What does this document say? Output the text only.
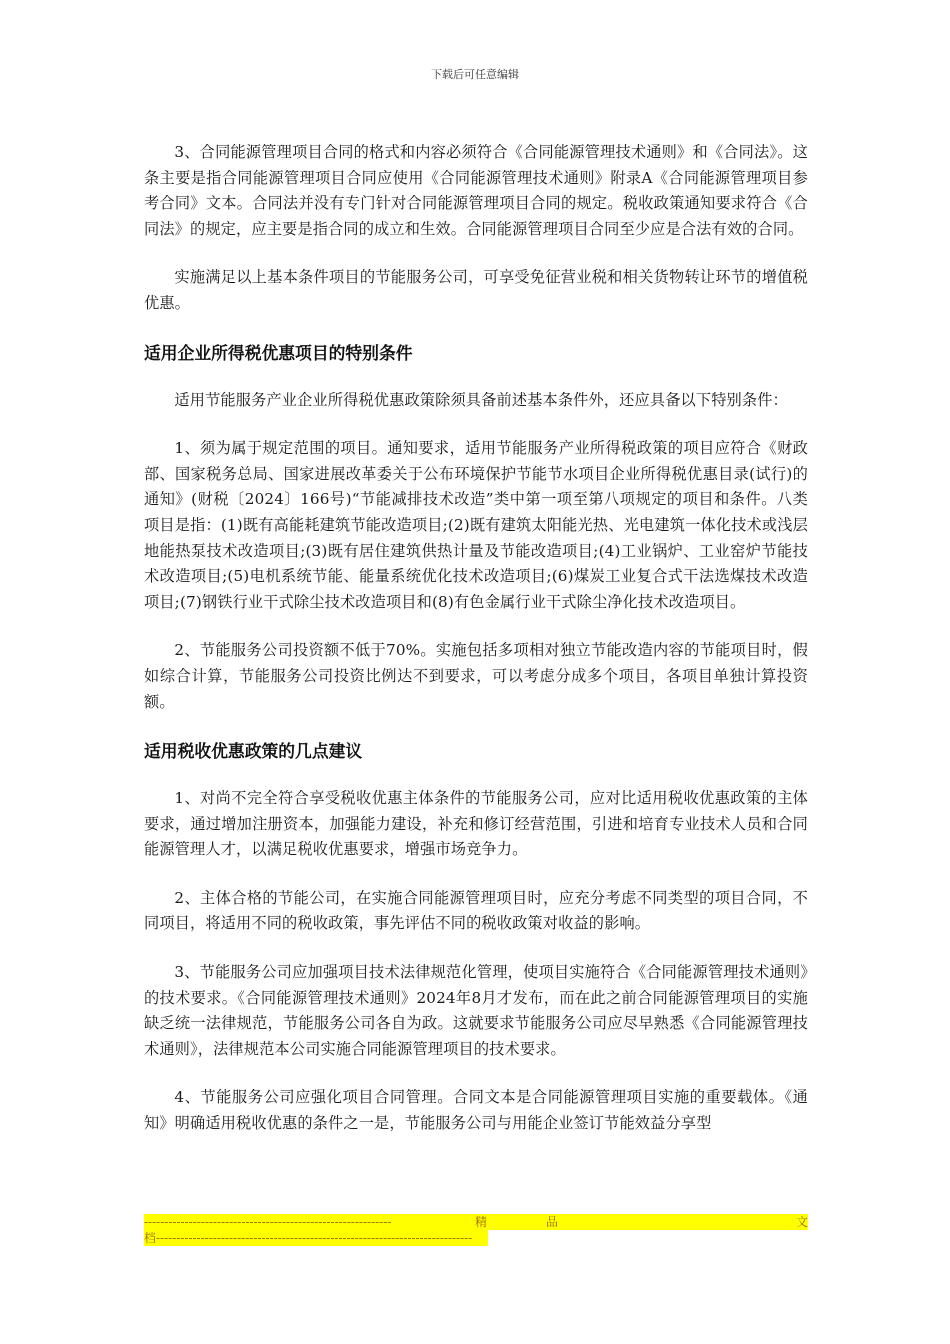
下载后可任意编辑

3、合同能源管理项目合同的格式和内容必须符合《合同能源管理技术通则》和《合同法》。这条主要是指合同能源管理项目合同应使用《合同能源管理技术通则》附录A《合同能源管理项目参考合同》文本。合同法并没有专门针对合同能源管理项目合同的规定。税收政策通知要求符合《合同法》的规定，应主要是指合同的成立和生效。合同能源管理项目合同至少应是合法有效的合同。

实施满足以上基本条件项目的节能服务公司，可享受免征营业税和相关货物转让环节的增值税优惠。

适用企业所得税优惠项目的特别条件

适用节能服务产业企业所得税优惠政策除须具备前述基本条件外，还应具备以下特别条件：

1、须为属于规定范围的项目。通知要求，适用节能服务产业所得税政策的项目应符合《财政部、国家税务总局、国家进展改革委关于公布环境保护节能节水项目企业所得税优惠目录(试行)的通知》(财税〔2024〕166号)“节能减排技术改造”类中第一项至第八项规定的项目和条件。八类项目是指：(1)既有高能耗建筑节能改造项目;(2)既有建筑太阳能光热、光电建筑一体化技术或浅层地能热泵技术改造项目;(3)既有居住建筑供热计量及节能改造项目;(4)工业锅炉、工业窑炉节能技术改造项目;(5)电机系统节能、能量系统优化技术改造项目;(6)煤炭工业复合式干法选煤技术改造项目;(7)钢铁行业干式除尘技术改造项目和(8)有色金属行业干式除尘净化技术改造项目。

2、节能服务公司投资额不低于70%。实施包括多项相对独立节能改造内容的节能项目时，假如综合计算，节能服务公司投资比例达不到要求，可以考虑分成多个项目，各项目单独计算投资额。

适用税收优惠政策的几点建议

1、对尚不完全符合享受税收优惠主体条件的节能服务公司，应对比适用税收优惠政策的主体要求，通过增加注册资本，加强能力建设，补充和修订经营范围，引进和培育专业技术人员和合同能源管理人才，以满足税收优惠要求，增强市场竞争力。

2、主体合格的节能公司，在实施合同能源管理项目时，应充分考虑不同类型的项目合同，不同项目，将适用不同的税收政策，事先评估不同的税收政策对收益的影响。

3、节能服务公司应加强项目技术法律规范化管理，使项目实施符合《合同能源管理技术通则》的技术要求。《合同能源管理技术通则》2024年8月才发布，而在此之前合同能源管理项目的实施缺乏统一法律规范，节能服务公司各自为政。这就要求节能服务公司应尽早熟悉《合同能源管理技术通则》，法律规范本公司实施合同能源管理项目的技术要求。

4、节能服务公司应强化项目合同管理。合同文本是合同能源管理项目实施的重要载体。《通知》明确适用税收优惠的条件之一是，节能服务公司与用能企业签订节能效益分享型

-------------------------------------------------------------	精	品	文
档------------------------------------------------------------------------------
